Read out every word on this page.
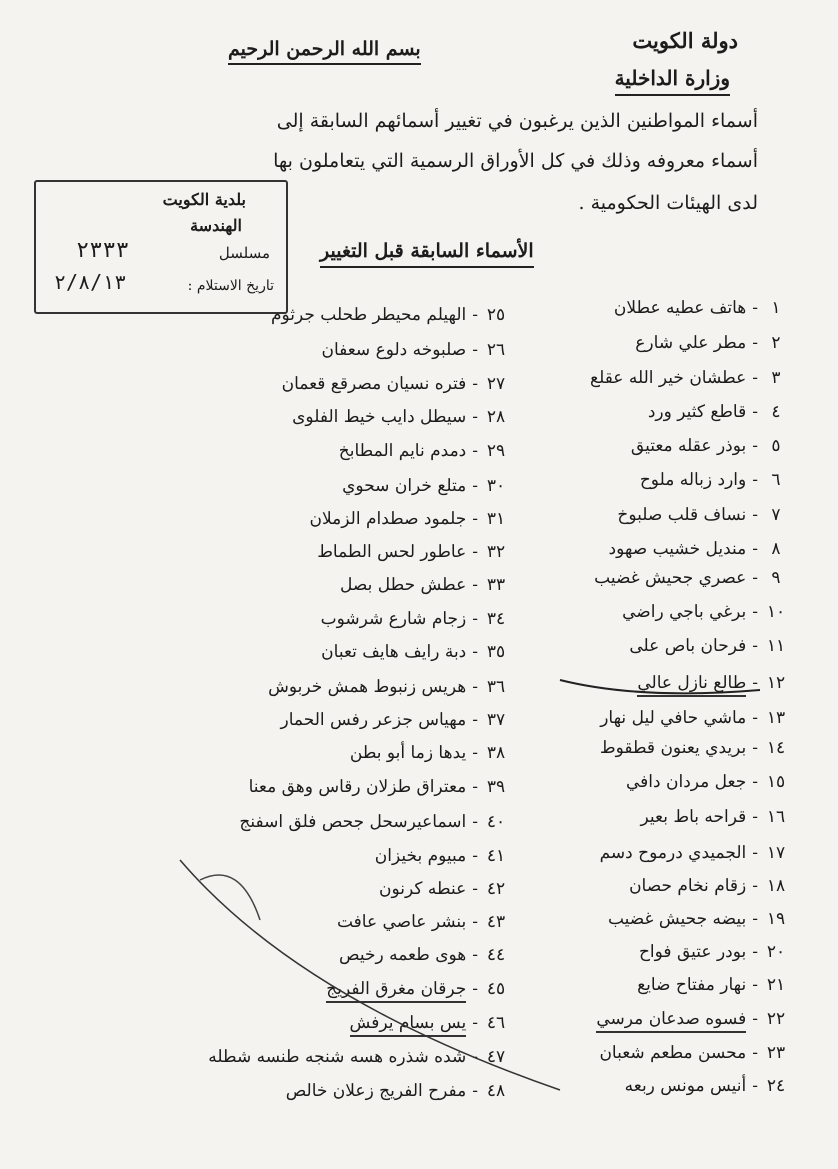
دولة الكويت
وزارة الداخلية
بسم الله الرحمن الرحيم
أسماء المواطنين الذين يرغبون في تغيير أسمائهم السابقة إلى
أسماء معروفه وذلك في كل الأوراق الرسمية التي يتعاملون بها
لدى الهيئات الحكومية .
الأسماء السابقة قبل التغيير
بلدية الكويت
الهندسة
مسلسل
٢٣٣٣
تاريخ الاستلام :
٢/٨/١٣
١-هاتف عطيه عطلان
٢-مطر علي شارع
٣-عطشان خير الله عقلع
٤-قاطع كثير ورد
٥-بوذر عقله معتيق
٦-وارد زباله ملوح
٧-نساف قلب صلبوخ
٨-منديل خشيب صهود
٩-عصري جحيش غضيب
١٠-برغي باجي راضي
١١-فرحان باص على
١٢-طالع نازل عالي
١٣-ماشي حافي ليل نهار
١٤-بريدي يعنون قطقوط
١٥-جعل مردان دافي
١٦-قراحه باط بعير
١٧-الجميدي درموح دسم
١٨-زقام نخام حصان
١٩-بيضه جحيش غضيب
٢٠-بودر عتيق فواح
٢١-نهار مفتاح ضايع
٢٢-فسوه صدعان مرسي
٢٣-محسن مطعم شعبان
٢٤-أنيس مونس ربعه
٢٥-الهيلم محيطر طحلب جرثوم
٢٦-صلبوخه دلوع سعفان
٢٧-فتره نسيان مصرقع قعمان
٢٨-سيطل دايب خيط الفلوى
٢٩-دمدم نايم المطابخ
٣٠-متلع خران سحوي
٣١-جلمود صطدام الزملان
٣٢-عاطور لحس الطماط
٣٣-عطش حطل بصل
٣٤-زجام شارع شرشوب
٣٥-دبة رايف هايف تعبان
٣٦-هريس زنبوط همش خربوش
٣٧-مهياس جزعر رفس الحمار
٣٨-يدها زما أبو بطن
٣٩-معتراق طزلان رقاس وهق معنا
٤٠-اسماعيرسحل جحص فلق اسفنج
٤١-مبيوم بخيزان
٤٢-عنطه كرنون
٤٣-بنشر عاصي عافت
٤٤-هوى طعمه رخيص
٤٥-جرقان مغرق الفريج
٤٦-يس بسام يرفش
٤٧-شده شذره هسه شنجه طنسه شطله
٤٨-مفرح الفريج زعلان خالص
